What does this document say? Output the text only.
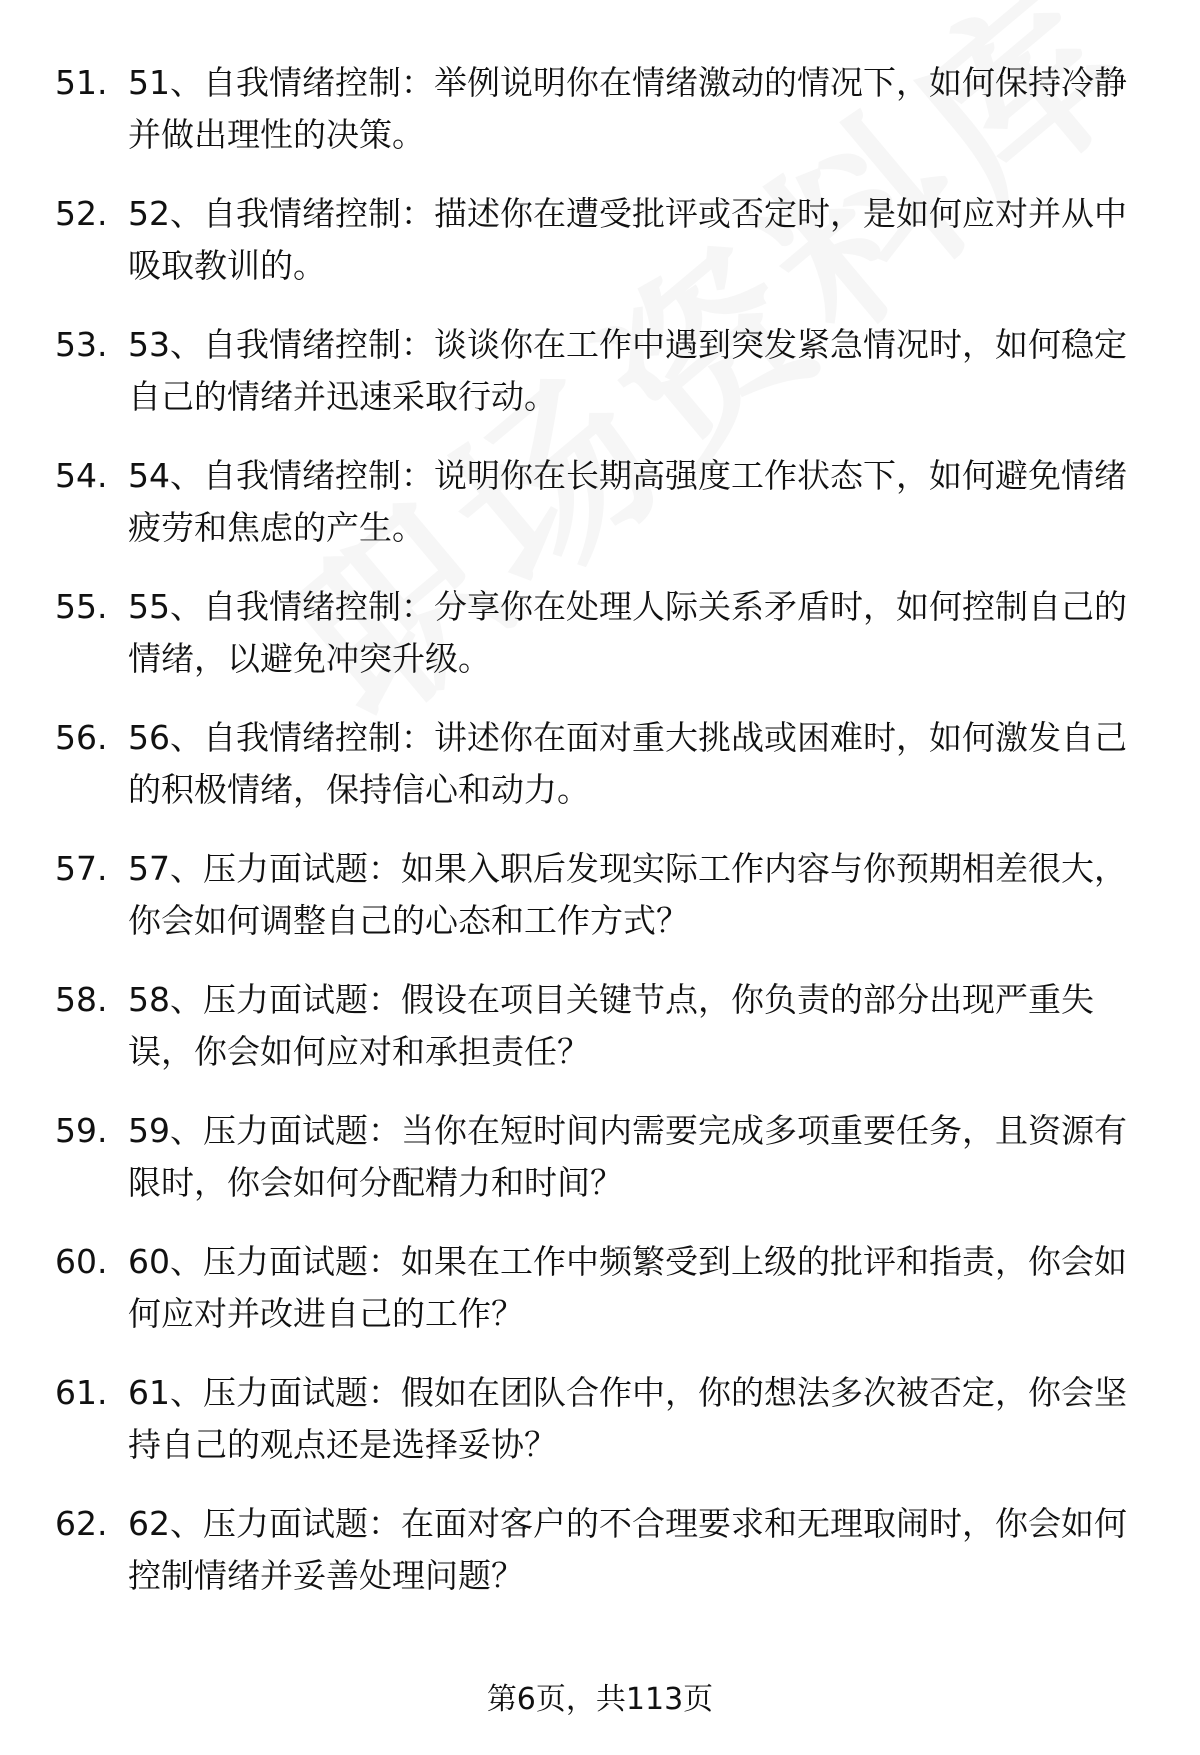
51. 51、自我情绪控制：举例说明你在情绪激动的情况下，如何保持冷静并做出理性的决策。
52. 52、自我情绪控制：描述你在遭受批评或否定时，是如何应对并从中吸取教训的。
53. 53、自我情绪控制：谈谈你在工作中遇到突发紧急情况时，如何稳定自己的情绪并迅速采取行动。
54. 54、自我情绪控制：说明你在长期高强度工作状态下，如何避免情绪疲劳和焦虑的产生。
55. 55、自我情绪控制：分享你在处理人际关系矛盾时，如何控制自己的情绪，以避免冲突升级。
56. 56、自我情绪控制：讲述你在面对重大挑战或困难时，如何激发自己的积极情绪，保持信心和动力。
57. 57、压力面试题：如果入职后发现实际工作内容与你预期相差很大，你会如何调整自己的心态和工作方式？
58. 58、压力面试题：假设在项目关键节点，你负责的部分出现严重失误，你会如何应对和承担责任？
59. 59、压力面试题：当你在短时间内需要完成多项重要任务，且资源有限时，你会如何分配精力和时间？
60. 60、压力面试题：如果在工作中频繁受到上级的批评和指责，你会如何应对并改进自己的工作？
61. 61、压力面试题：假如在团队合作中，你的想法多次被否定，你会坚持自己的观点还是选择妥协？
62. 62、压力面试题：在面对客户的不合理要求和无理取闹时，你会如何控制情绪并妥善处理问题？
第6页，共113页
